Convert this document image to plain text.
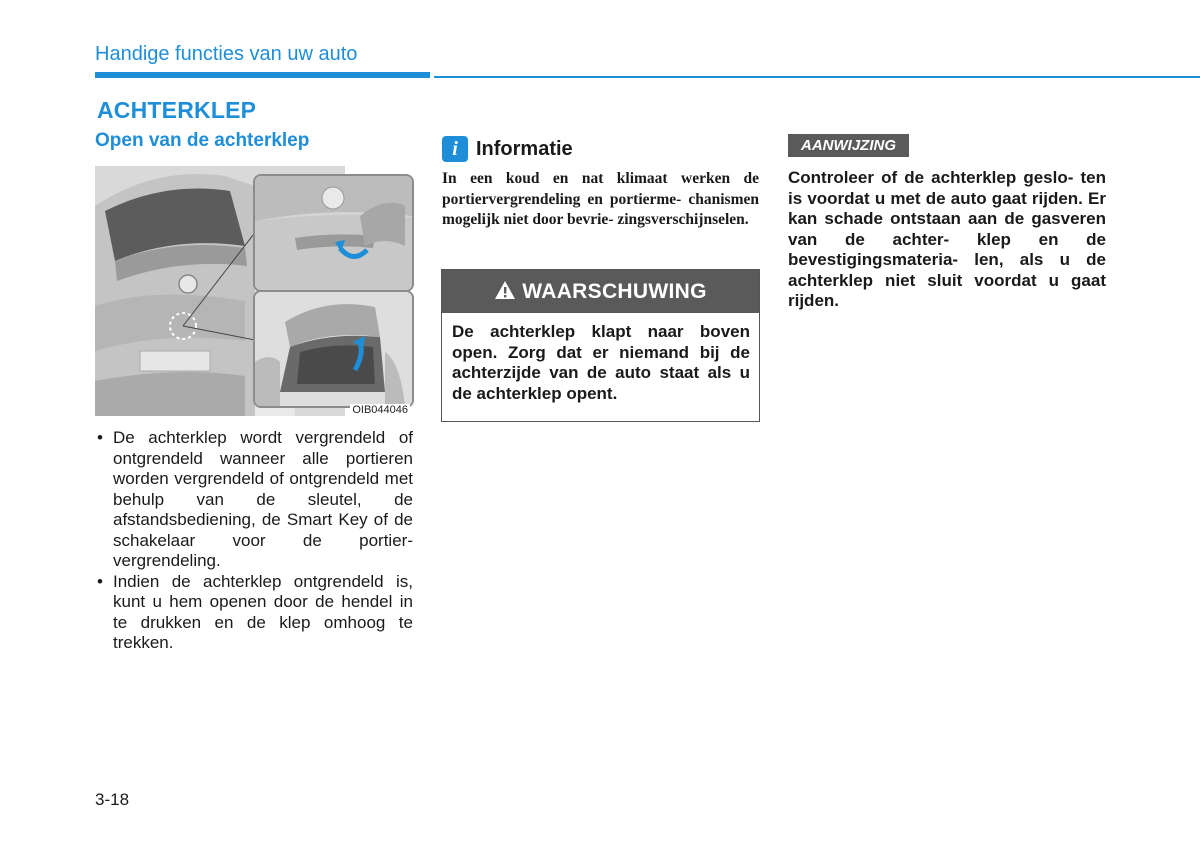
Handige functies van uw auto
ACHTERKLEP
Open van de achterklep
OIB044046
• De achterklep wordt vergrendeld of ontgrendeld wanneer alle portieren worden vergrendeld of ontgrendeld met behulp van de sleutel, de afstandsbediening, de Smart Key of de schakelaar voor de portier- vergrendeling.
• Indien de achterklep ontgrendeld is, kunt u hem openen door de hendel in te drukken en de klep omhoog te trekken.
i Informatie
In een koud en nat klimaat werken de portiervergrendeling en portierme- chanismen mogelijk niet door bevrie- zingsverschijnselen.
WAARSCHUWING
De achterklep klapt naar boven open. Zorg dat er niemand bij de achterzijde van de auto staat als u de achterklep opent.
AANWIJZING
Controleer of de achterklep geslo- ten is voordat u met de auto gaat rijden. Er kan schade ontstaan aan de gasveren van de achter- klep en de bevestigingsmateria- len, als u de achterklep niet sluit voordat u gaat rijden.
3-18
